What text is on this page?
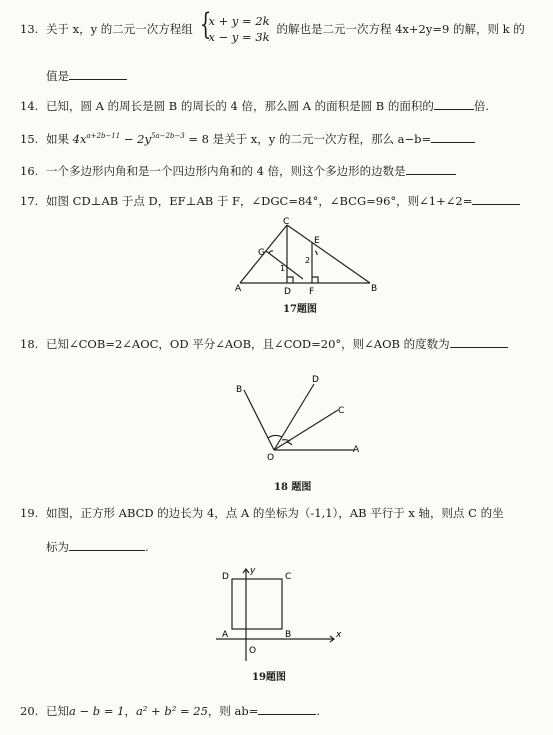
13. 关于 x，y 的二元一次方程组 {
x + y = 2k
x − y = 3k
的解也是二元一次方程 4x+2y=9 的解，则 k 的
值是
14. 已知，圆 A 的周长是圆 B 的周长的 4 倍，那么圆 A 的面积是圆 B 的面积的	倍.
15. 如果 $4x^{a+2b-11} - 2y^{5a-2b-3} = 8$ 是关于 x，y 的二元一次方程，那么 a−b=
16. 一个多边形内角和是一个四边形内角和的 4 倍，则这个多边形的边数是
17. 如图 CD⊥AB 于点 D，EF⊥AB 于 F，∠DGC=84°，∠BCG=96°，则∠1+∠2=
A	B
C
D
E
F
G
1
2
17题图
18. 已知∠COB=2∠AOC，OD 平分∠AOB，且∠COD=20°，则∠AOB 的度数为
B
D
C
A
O
18 题图
19. 如图，正方形 ABCD 的边长为 4，点 A 的坐标为（-1,1），AB 平行于 x 轴，则点 C 的坐
标为	.
x
y
D	C
A	B
O
19题图
20. 已知a − b = 1，a² + b² = 25，则 ab=	.
